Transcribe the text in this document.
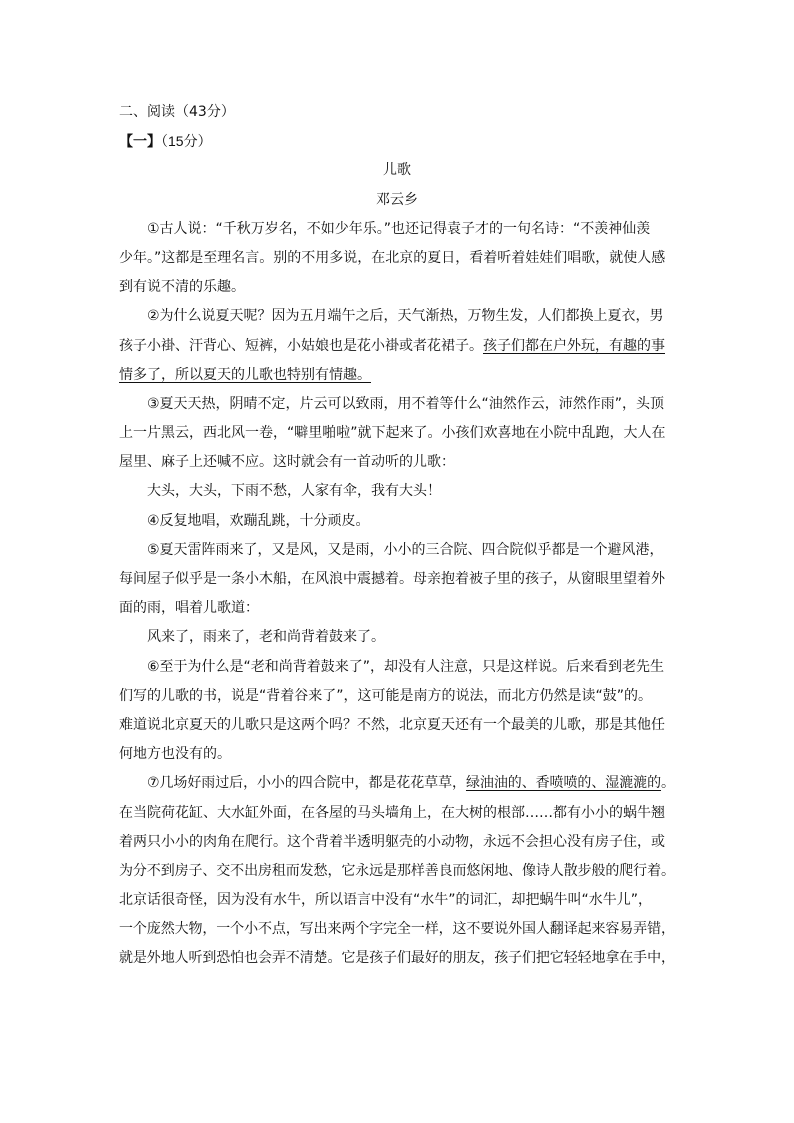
二、阅读（43分）
【一】（15分）
儿歌
邓云乡
①古人说：“千秋万岁名，不如少年乐。”也还记得袁子才的一句名诗：“不羡神仙羡
少年。”这都是至理名言。别的不用多说，在北京的夏日，看着听着娃娃们唱歌，就使人感
到有说不清的乐趣。
②为什么说夏天呢？因为五月端午之后，天气渐热，万物生发，人们都换上夏衣，男
孩子小褂、汗背心、短裤，小姑娘也是花小褂或者花裙子。孩子们都在户外玩，有趣的事
情多了，所以夏天的儿歌也特别有情趣。
③夏天天热，阴晴不定，片云可以致雨，用不着等什么“油然作云，沛然作雨”，头顶
上一片黑云，西北风一卷，“噼里啪啦”就下起来了。小孩们欢喜地在小院中乱跑，大人在
屋里、麻子上还喊不应。这时就会有一首动听的儿歌：
大头，大头，下雨不愁，人家有伞，我有大头！
④反复地唱，欢蹦乱跳，十分顽皮。
⑤夏天雷阵雨来了，又是风，又是雨，小小的三合院、四合院似乎都是一个避风港，
每间屋子似乎是一条小木船，在风浪中震撼着。母亲抱着被子里的孩子，从窗眼里望着外
面的雨，唱着儿歌道：
风来了，雨来了，老和尚背着鼓来了。
⑥至于为什么是“老和尚背着鼓来了”，却没有人注意，只是这样说。后来看到老先生
们写的儿歌的书，说是“背着谷来了”，这可能是南方的说法，而北方仍然是读“鼓”的。
难道说北京夏天的儿歌只是这两个吗？不然，北京夏天还有一个最美的儿歌，那是其他任
何地方也没有的。
⑦几场好雨过后，小小的四合院中，都是花花草草，绿油油的、香喷喷的、湿漉漉的。
在当院荷花缸、大水缸外面，在各屋的马头墙角上，在大树的根部……都有小小的蜗牛翘
着两只小小的肉角在爬行。这个背着半透明躯壳的小动物，永远不会担心没有房子住，或
为分不到房子、交不出房租而发愁，它永远是那样善良而悠闲地、像诗人散步般的爬行着。
北京话很奇怪，因为没有水牛，所以语言中没有“水牛”的词汇，却把蜗牛叫“水牛儿”，
一个庞然大物，一个小不点，写出来两个字完全一样，这不要说外国人翻译起来容易弄错，
就是外地人听到恐怕也会弄不清楚。它是孩子们最好的朋友，孩子们把它轻轻地拿在手中，
